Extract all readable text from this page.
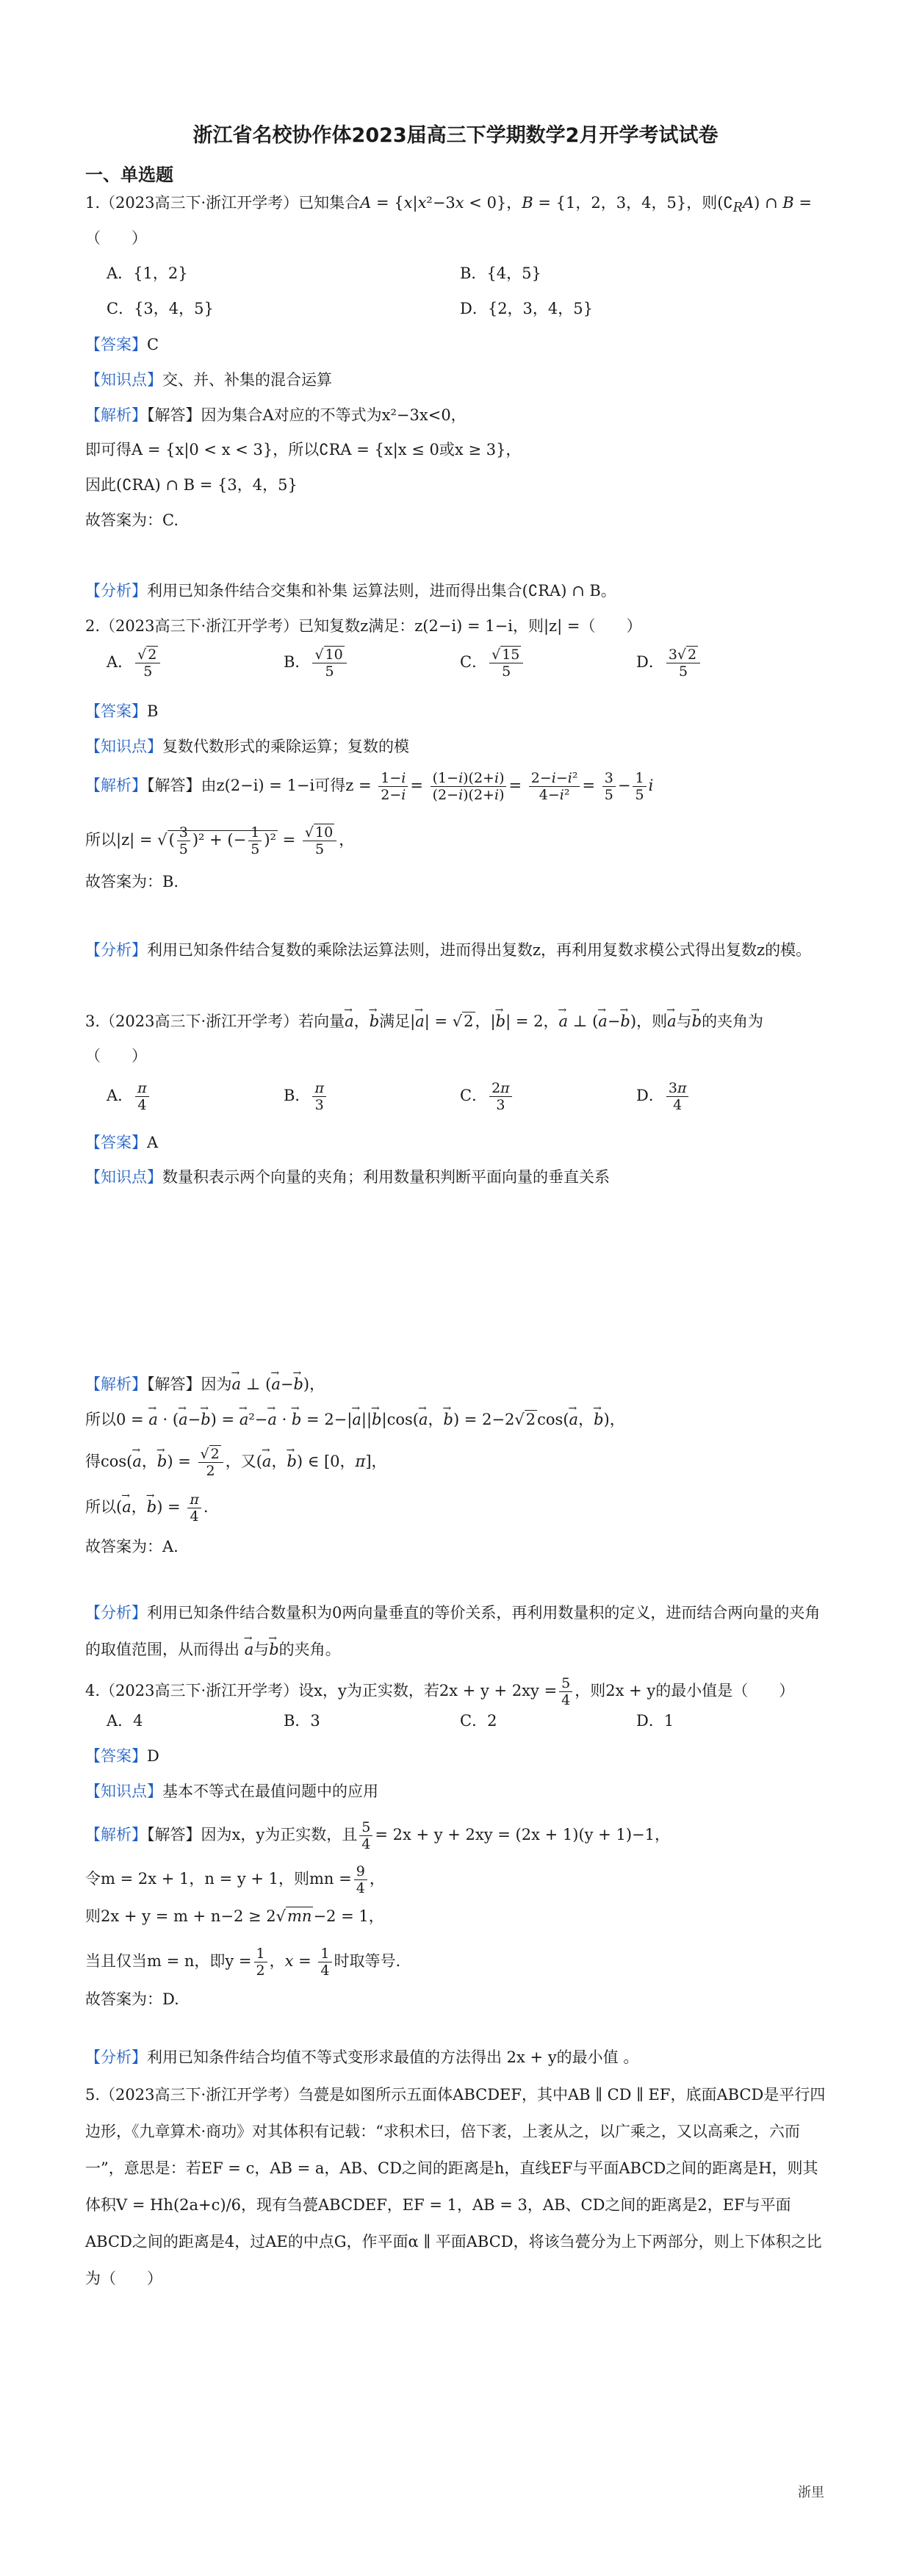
浙江省名校协作体2023届高三下学期数学2月开学考试试卷
一、单选题
1.（2023高三下·浙江开学考）已知集合A = {x|x²−3x < 0}，B = {1，2，3，4，5}，则$(∁_RA)$ ∩ B =
（　　）
A．{1，2}	B．{4，5}
C．{3，4，5}	D．{2，3，4，5}
【答案】C
【知识点】交、并、补集的混合运算
【解析】【解答】因为集合A对应的不等式为x²−3x<0，
即可得A = {x|0 < x < 3}，所以∁RA = {x|x ≤ 0或x ≥ 3}，
因此(∁RA) ∩ B = {3，4，5}
故答案为：C.
【分析】利用已知条件结合交集和补集 运算法则，进而得出集合(∁RA) ∩ B。
2.（2023高三下·浙江开学考）已知复数z满足：z(2−i) = 1−i，则|z| =（　　）
A． $\frac{√ 2}{5}$	B． $\frac{√ 10}{5}$	C． $\frac{√ 15}{5}$	D． $\frac{3√ 2}{5}$
【答案】B
【知识点】复数代数形式的乘除运算；复数的模
【解析】【解答】由z(2−i) = 1−i可得$z = \frac{1-i}{2-i} = \frac{(1-i)(2+i)}{(2-i)(2+i)} = \frac{\text{2−i−i²}}{\text{4−i²}} = \frac{3}{5} - \frac{1}{5}$ i
所以|z| = √( $\frac{3}{5} )^2$ + (− $\frac{1}{5} )^2 = \frac{√ 10}{5}$ ，
故答案为：B.
【分析】利用已知条件结合复数的乘除法运算法则，进而得出复数z，再利用复数求模公式得出复数z的模。
3.（2023高三下·浙江开学考）若向量→ a，→ b满足|→ a| = √2，|→ b| = 2，→ a ⊥ (→ a−→ b)，则→ a与→ b的夹角为
（　　）
A． $\frac{\pi}{4}$	B． $\frac{\pi}{3}$	C． $\frac{2\pi}{3}$	D． $\frac{3\pi}{4}$
【答案】A
【知识点】数量积表示两个向量的夹角；利用数量积判断平面向量的垂直关系
【解析】【解答】因为→ a ⊥ (→ a−→ b)，
所以0 = → a · (→ a−→ b) = → a²−→ a · → b = 2−|→ a||→ b|cos(→ a，→ b) = 2−2√2cos(→ a，→ b)，
得cos(→ a，→ $b) = \frac{√ 2}{2}$ ，又(→ a，→ b) ∈ [0，π]，
所以(→ a，→ $b) = \frac{\pi}{4}$ .
故答案为：A.
【分析】利用已知条件结合数量积为0两向量垂直的等价关系，再利用数量积的定义，进而结合两向量的夹角的取值范围，从而得出 → a与→ b的夹角。
4.（2023高三下·浙江开学考）设x，y为正实数，若$2x + y + 2xy = \frac{5}{4}$ ，则2x + y的最小值是（　　）
A．4	B．3	C．2	D．1
【答案】D
【知识点】基本不等式在最值问题中的应用
【解析】【解答】因为x，y为正实数，且 $\frac{5}{4} = 2x + y + 2xy = (2x + 1)(y + 1)-1$，
令m = 2x + 1，n = y + 1，则mn = $\frac{9}{4}$ ，
则2x + y = m + n−2 ≥ 2√mn−2 = 1，
当且仅当m = n，即$y = \frac{1}{2}$ ，$x = \frac{1}{4}$ 时取等号.
故答案为：D.
【分析】利用已知条件结合均值不等式变形求最值的方法得出 2x + y的最小值 。
5.（2023高三下·浙江开学考）刍甍是如图所示五面体ABCDEF，其中AB ∥ CD ∥ EF，底面ABCD是平行四边形，《九章算术·商功》对其体积有记载：“求积术曰，倍下袤，上袤从之，以广乘之，又以高乘之，六而一”，意思是：若EF = c，AB = a，AB、CD之间的距离是h，直线EF与平面ABCD之间的距离是H，则其体积V = Hh(2a+c)/6，现有刍甍ABCDEF，EF = 1，AB = 3，AB、CD之间的距离是2，EF与平面ABCD之间的距离是4，过AE的中点G，作平面α ∥ 平面ABCD，将该刍甍分为上下两部分，则上下体积之比为（　　）
浙里
